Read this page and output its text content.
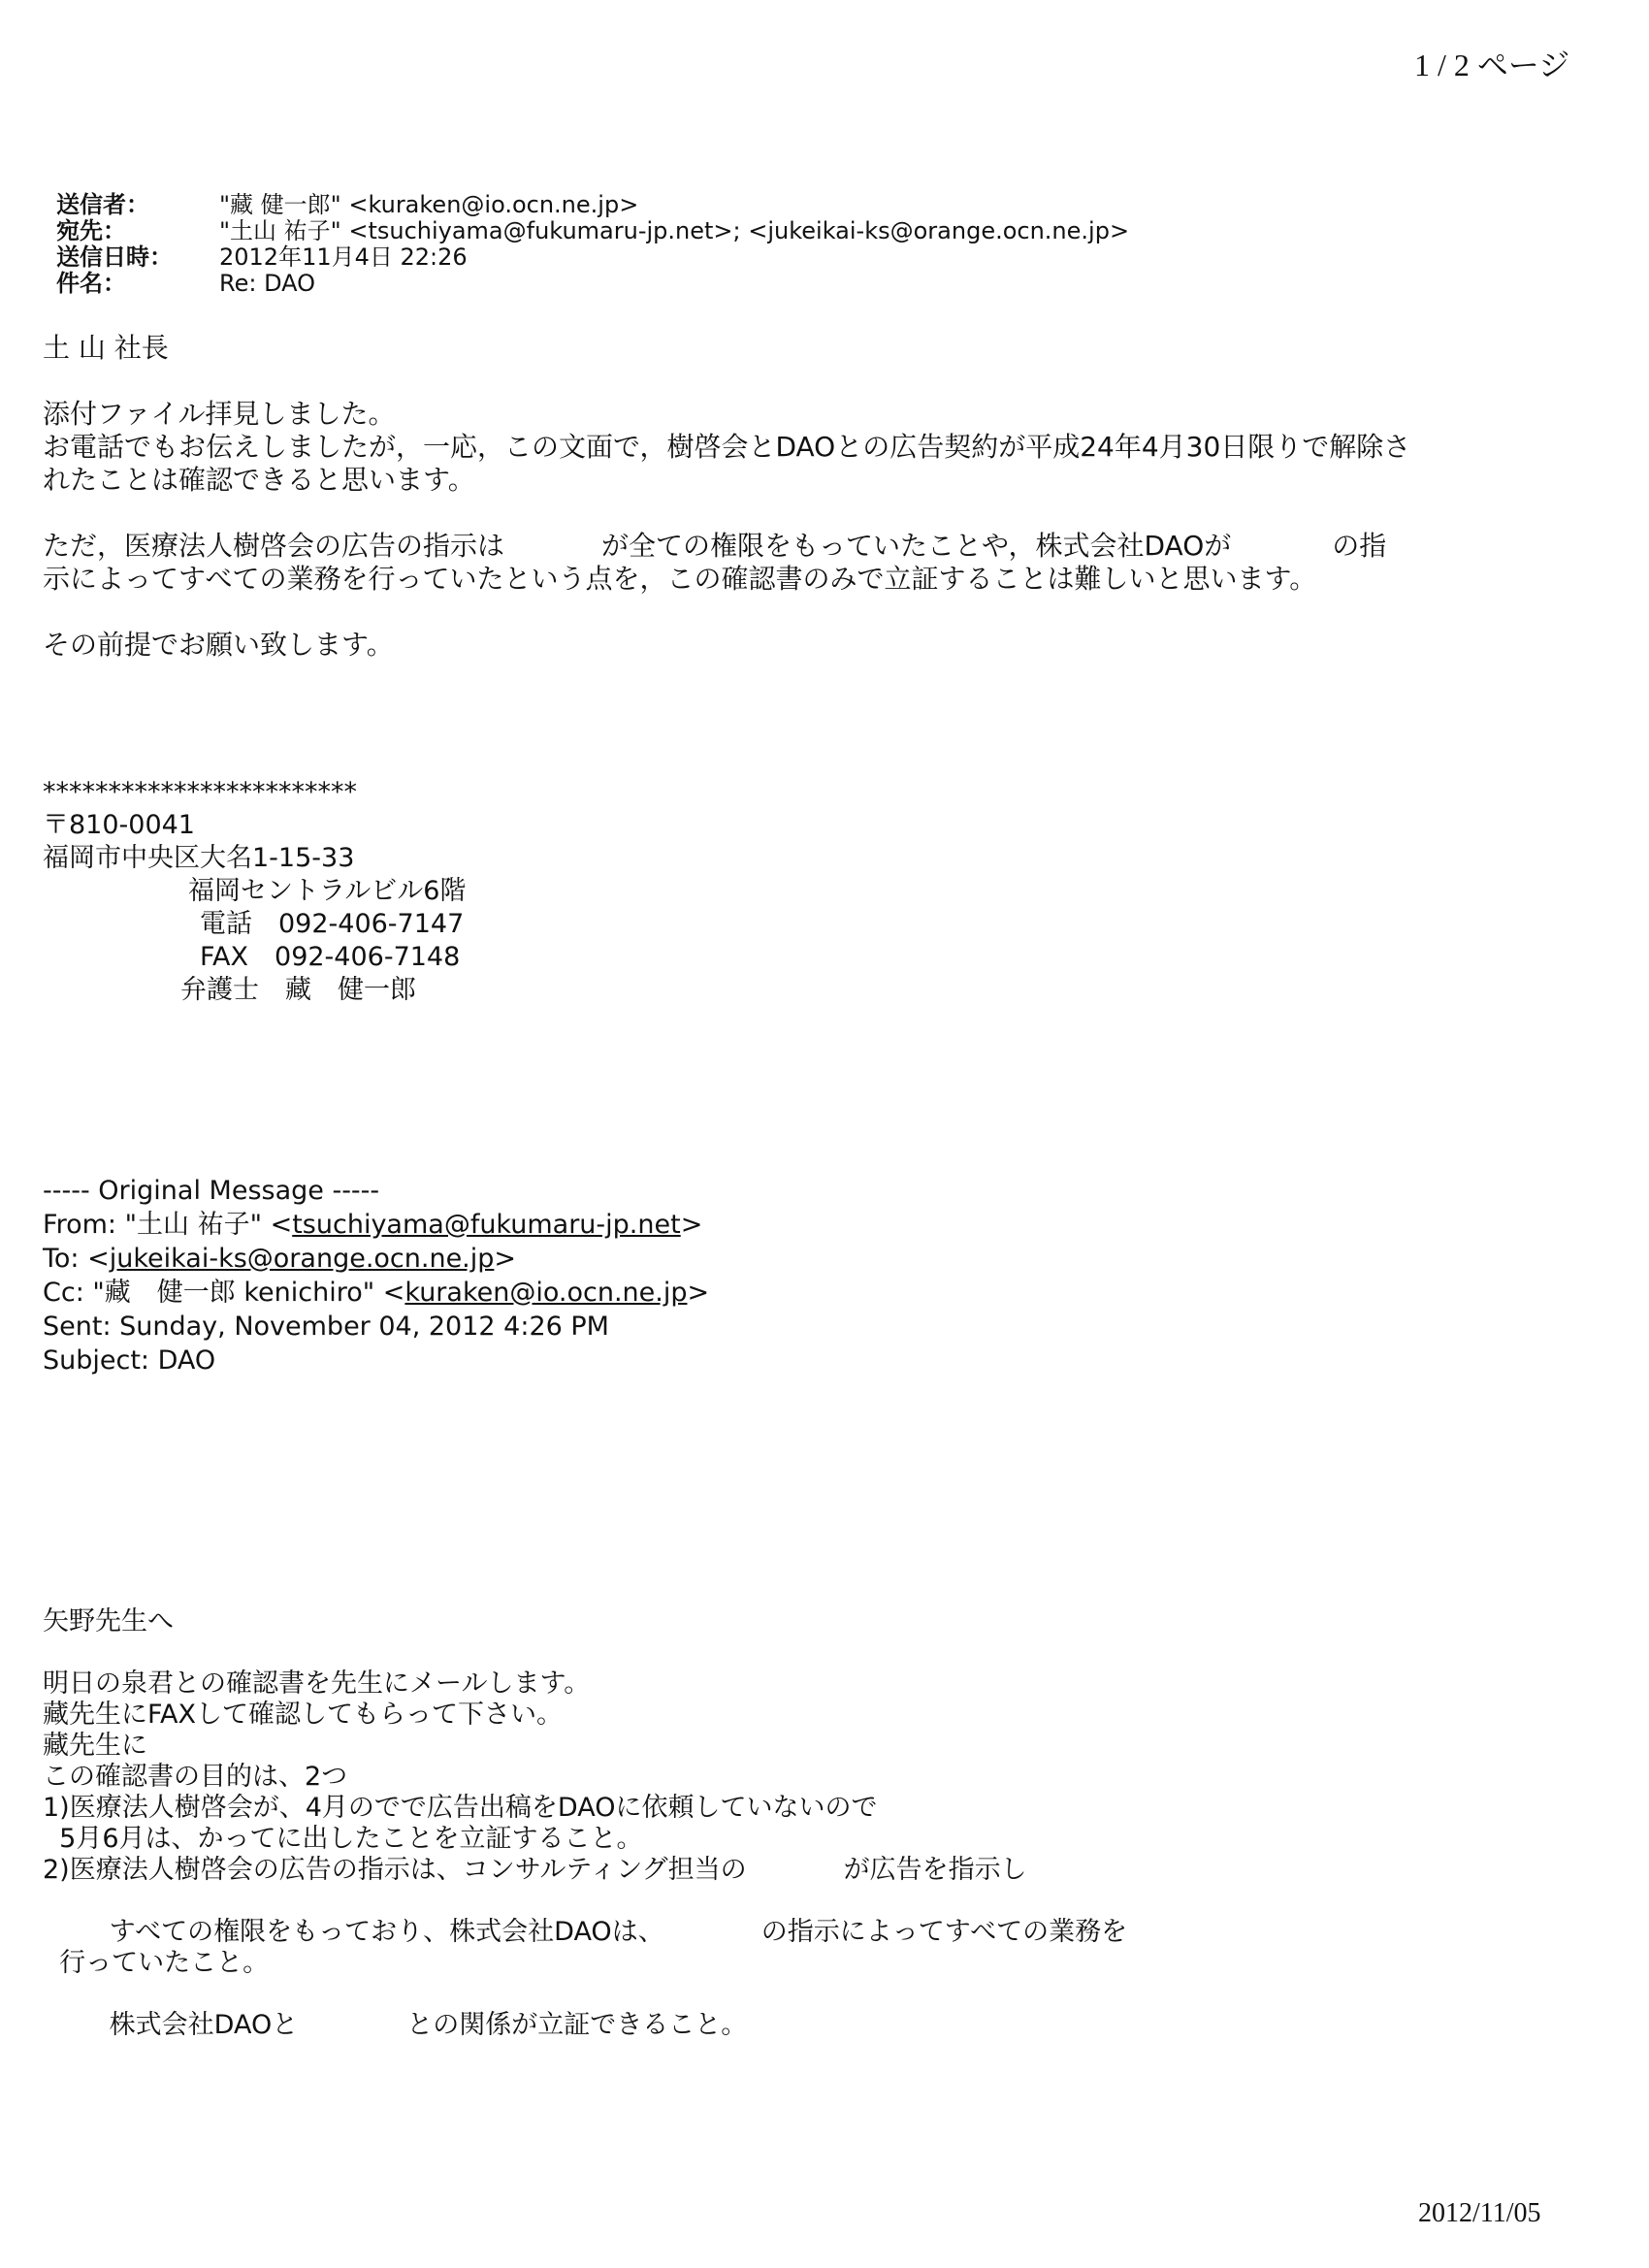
1 / 2 ページ
送信者：	"藏 健一郎" <kuraken@io.ocn.ne.jp>
宛先：	"土山 祐子" <tsuchiyama@fukumaru-jp.net>; <jukeikai-ks@orange.ocn.ne.jp>
送信日時：	2012年11月4日 22:26
件名：	Re: DAO
土 山 社長
添付ファイル拝見しました。
お電話でもお伝えしましたが，一応，この文面で，樹啓会とDAOとの広告契約が平成24年4月30日限りで解除さ
れたことは確認できると思います。
ただ，医療法人樹啓会の広告の指示は	が全ての権限をもっていたことや，株式会社DAOが	の指
示によってすべての業務を行っていたという点を，この確認書のみで立証することは難しいと思います。
その前提でお願い致します。
************************
〒810-0041
福岡市中央区大名1-15-33
福岡セントラルビル6階
電話　092-406-7147
FAX　092-406-7148
弁護士　藏　健一郎
----- Original Message -----
From: "土山 祐子" <tsuchiyama@fukumaru-jp.net>
To: <jukeikai-ks@orange.ocn.ne.jp>
Cc: "藏　健一郎 kenichiro" <kuraken@io.ocn.ne.jp>
Sent: Sunday, November 04, 2012 4:26 PM
Subject: DAO
矢野先生へ
明日の泉君との確認書を先生にメールします。
藏先生にFAXして確認してもらって下さい。
藏先生に
この確認書の目的は、2つ
1)医療法人樹啓会が、4月のでで広告出稿をDAOに依頼していないので
5月6月は、かってに出したことを立証すること。
2)医療法人樹啓会の広告の指示は、コンサルティング担当の	が広告を指示し

すべての権限をもっており、株式会社DAOは、	の指示によってすべての業務を

行っていたこと。

株式会社DAOと	との関係が立証できること。

2012/11/05
